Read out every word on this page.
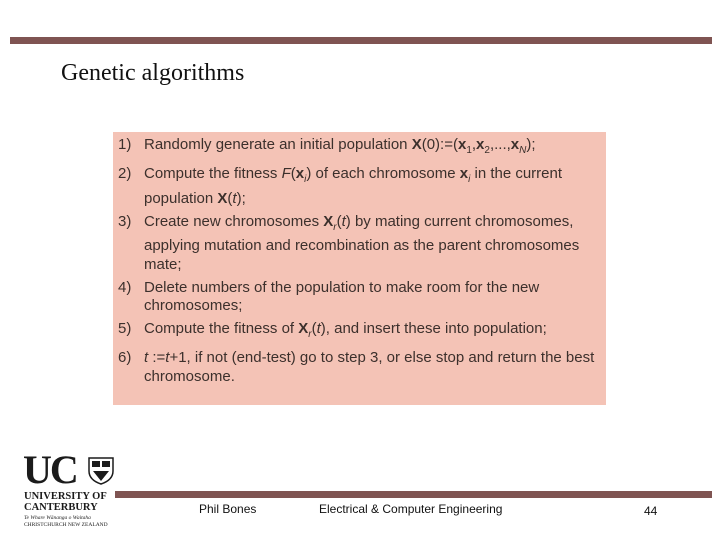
Genetic algorithms
1) Randomly generate an initial population $X(0):=(x_1,x_2,...,x_N)$;
2) Compute the fitness $F(x_i)$ of each chromosome $x_i$ in the current population X(t);
3) Create new chromosomes $X_r(t)$ by mating current chromosomes, applying mutation and recombination as the parent chromosomes mate;
4) Delete numbers of the population to make room for the new chromosomes;
5) Compute the fitness of $X_r(t)$, and insert these into population;
6) t :=t+1, if not (end-test) go to step 3, or else stop and return the best chromosome.
UC
UNIVERSITY OF
CANTERBURY
Te Whare Wānanga o Waitaha
CHRISTCHURCH NEW ZEALAND
Phil Bones	Electrical & Computer Engineering	44
